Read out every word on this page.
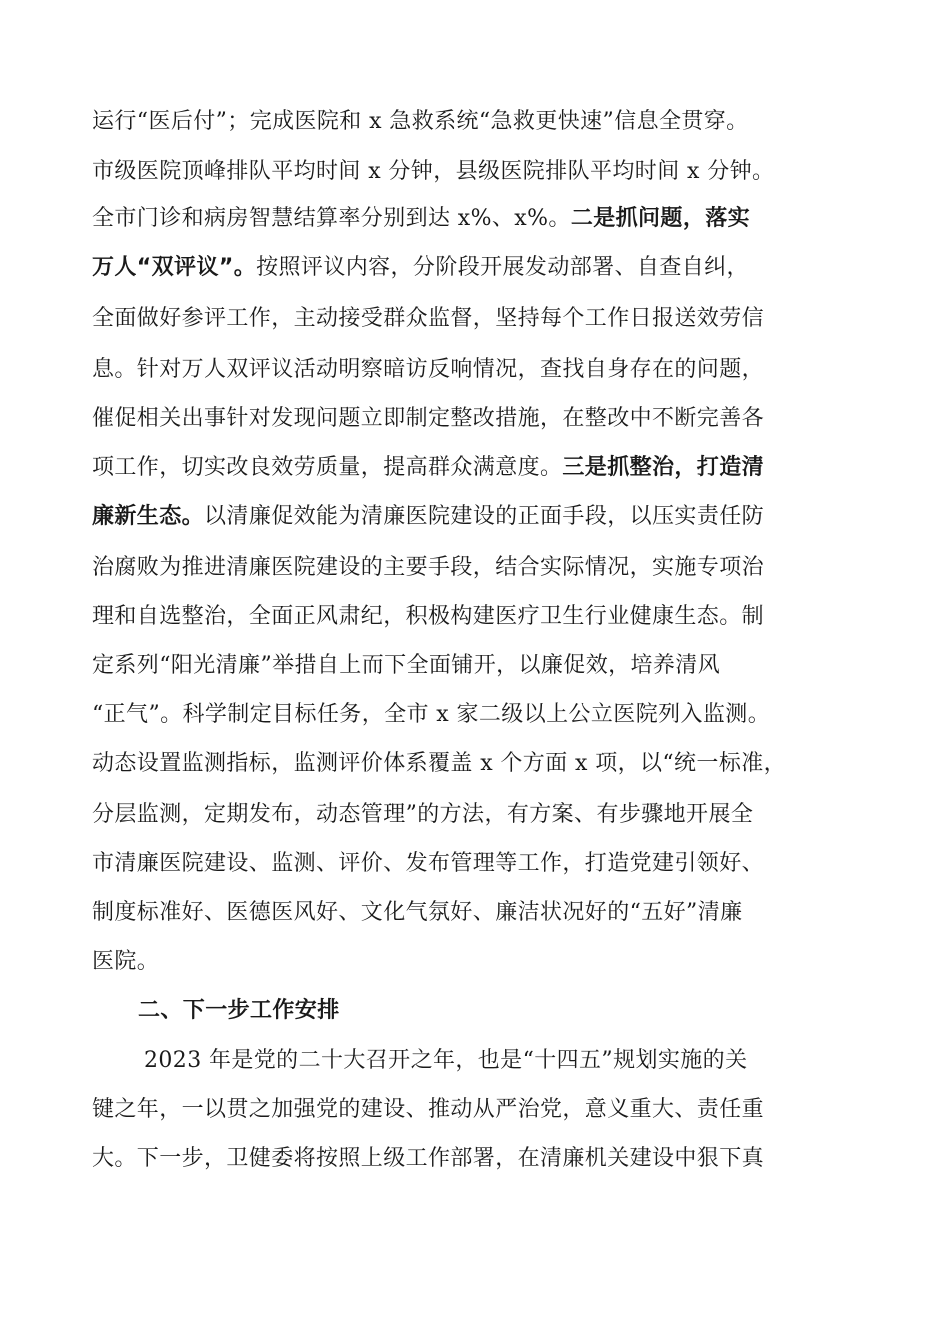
运行“医后付”；完成医院和 x 急救系统“急救更快速”信息全贯穿。
市级医院顶峰排队平均时间 x 分钟，县级医院排队平均时间 x 分钟。
全市门诊和病房智慧结算率分别到达 x%、x%。二是抓问题，落实
万人“双评议”。按照评议内容，分阶段开展发动部署、自查自纠，
全面做好参评工作，主动接受群众监督，坚持每个工作日报送效劳信
息。针对万人双评议活动明察暗访反响情况，查找自身存在的问题，
催促相关出事针对发现问题立即制定整改措施，在整改中不断完善各
项工作，切实改良效劳质量，提高群众满意度。三是抓整治，打造清
廉新生态。以清廉促效能为清廉医院建设的正面手段，以压实责任防
治腐败为推进清廉医院建设的主要手段，结合实际情况，实施专项治
理和自选整治，全面正风肃纪，积极构建医疗卫生行业健康生态。制
定系列“阳光清廉”举措自上而下全面铺开，以廉促效，培养清风
“正气”。科学制定目标任务，全市 x 家二级以上公立医院列入监测。
动态设置监测指标，监测评价体系覆盖 x 个方面 x 项，以“统一标准，
分层监测，定期发布，动态管理”的方法，有方案、有步骤地开展全
市清廉医院建设、监测、评价、发布管理等工作，打造党建引领好、
制度标准好、医德医风好、文化气氛好、廉洁状况好的“五好”清廉
医院。
二、下一步工作安排
2023 年是党的二十大召开之年，也是“十四五”规划实施的关
键之年，一以贯之加强党的建设、推动从严治党，意义重大、责任重
大。下一步，卫健委将按照上级工作部署，在清廉机关建设中狠下真
